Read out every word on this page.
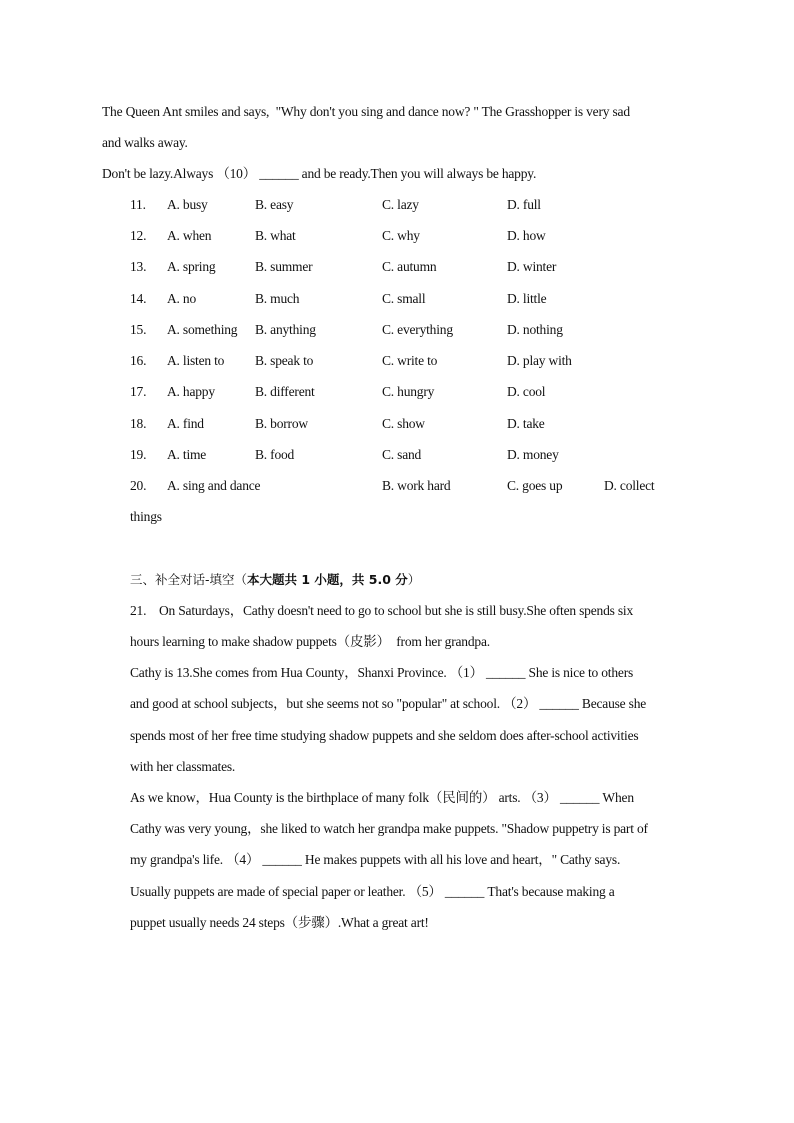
The Queen Ant smiles and says,  "Why don't you sing and dance now? " The Grasshopper is very sad
and walks away.
Don't be lazy.Always （10） ______ and be ready.Then you will always be happy.
11. A. busy	B. easy	C. lazy	D. full
12. A. when	B. what	C. why	D. how
13. A. spring	B. summer	C. autumn	D. winter
14. A. no	B. much	C. small	D. little
15. A. something B. anything	C. everything	D. nothing
16. A. listen to B. speak to	C. write to	D. play with
17. A. happy	B. different	C. hungry	D. cool
18. A. find	B. borrow	C. show	D. take
19. A. time	B. food	C. sand	D. money
20. A. sing and dance	B. work hard	C. goes up	D. collect
things
三、补全对话-填空（本大题共 1 小题，共 5.0 分）
21.    On Saturdays，Cathy doesn't need to go to school but she is still busy.She often spends six
hours learning to make shadow puppets（皮影）  from her grandpa.
Cathy is 13.She comes from Hua County，Shanxi Province. （1） ______ She is nice to others
and good at school subjects，but she seems not so "popular" at school. （2） ______ Because she
spends most of her free time studying shadow puppets and she seldom does after-school activities
with her classmates.
As we know，Hua County is the birthplace of many folk（民间的） arts. （3） ______ When
Cathy was very young，she liked to watch her grandpa make puppets. "Shadow puppetry is part of
my grandpa's life. （4） ______ He makes puppets with all his love and heart，" Cathy says.
Usually puppets are made of special paper or leather. （5） ______ That's because making a
puppet usually needs 24 steps（步骤）.What a great art!
